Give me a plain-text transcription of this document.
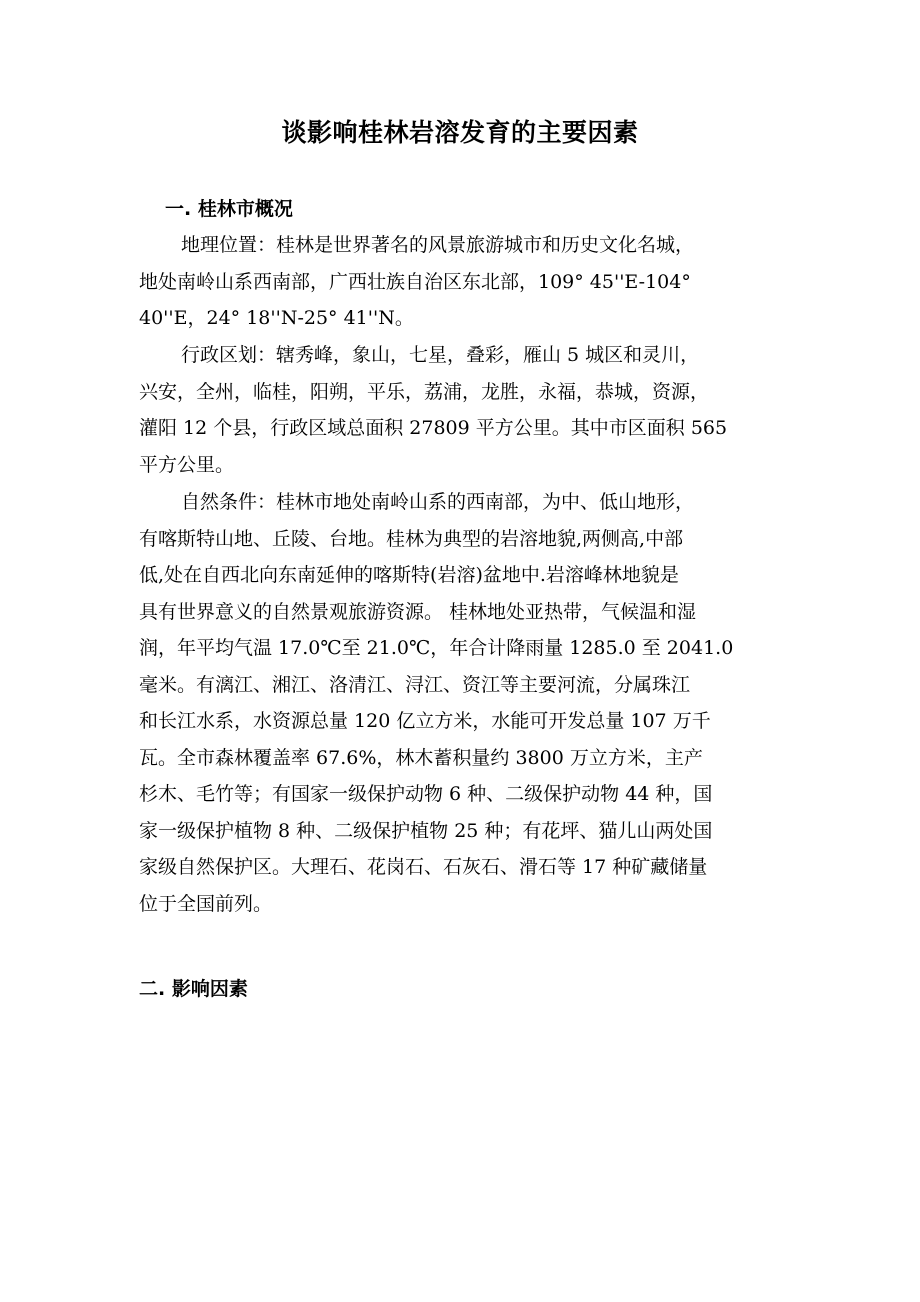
谈影响桂林岩溶发育的主要因素
一. 桂林市概况
地理位置：桂林是世界著名的风景旅游城市和历史文化名城，
地处南岭山系西南部，广西壮族自治区东北部，109° 45''E-104°
40''E，24° 18''N-25° 41''N。
行政区划：辖秀峰，象山，七星，叠彩，雁山 5 城区和灵川，
兴安，全州，临桂，阳朔，平乐，荔浦，龙胜，永福，恭城，资源，
灌阳 12 个县，行政区域总面积 27809 平方公里。其中市区面积 565
平方公里。
自然条件：桂林市地处南岭山系的西南部，为中、低山地形，
有喀斯特山地、丘陵、台地。桂林为典型的岩溶地貌,两侧高,中部
低,处在自西北向东南延伸的喀斯特(岩溶)盆地中.岩溶峰林地貌是
具有世界意义的自然景观旅游资源。 桂林地处亚热带，气候温和湿
润，年平均气温 17.0℃至 21.0℃，年合计降雨量 1285.0 至 2041.0
毫米。有漓江、湘江、洛清江、浔江、资江等主要河流，分属珠江
和长江水系，水资源总量 120 亿立方米，水能可开发总量 107 万千
瓦。全市森林覆盖率 67.6%，林木蓄积量约 3800 万立方米，主产
杉木、毛竹等；有国家一级保护动物 6 种、二级保护动物 44 种，国
家一级保护植物 8 种、二级保护植物 25 种；有花坪、猫儿山两处国
家级自然保护区。大理石、花岗石、石灰石、滑石等 17 种矿藏储量
位于全国前列。
二. 影响因素
